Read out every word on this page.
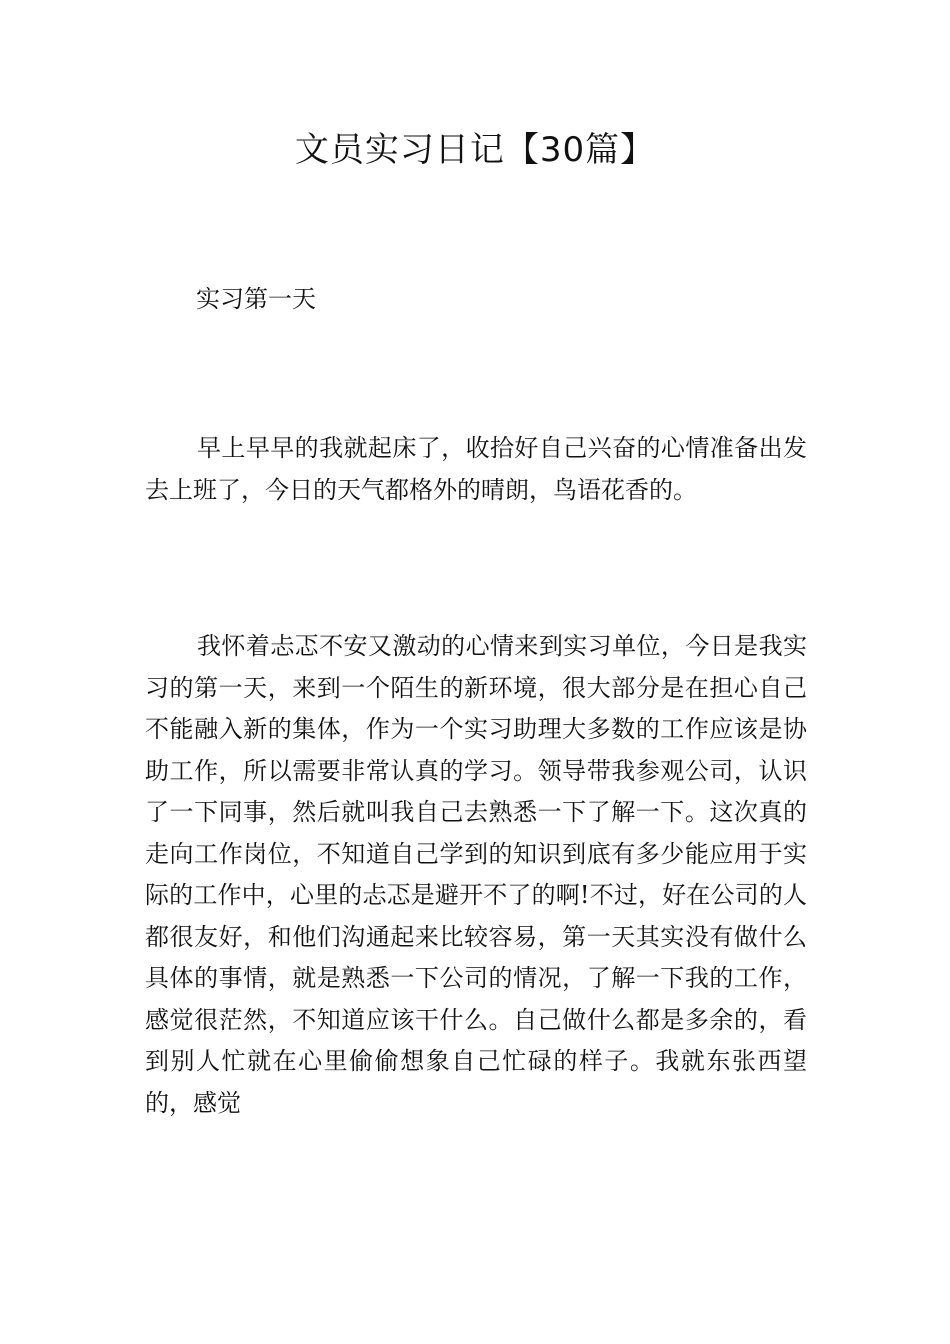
文员实习日记【30篇】

实习第一天

早上早早的我就起床了，收拾好自己兴奋的心情准备出发去上班了，今日的天气都格外的晴朗，鸟语花香的。

我怀着忐忑不安又激动的心情来到实习单位，今日是我实习的第一天，来到一个陌生的新环境，很大部分是在担心自己不能融入新的集体，作为一个实习助理大多数的工作应该是协助工作，所以需要非常认真的学习。领导带我参观公司，认识了一下同事，然后就叫我自己去熟悉一下了解一下。这次真的走向工作岗位，不知道自己学到的知识到底有多少能应用于实际的工作中，心里的忐忑是避开不了的啊!不过，好在公司的人都很友好，和他们沟通起来比较容易，第一天其实没有做什么具体的事情，就是熟悉一下公司的情况，了解一下我的工作，感觉很茫然，不知道应该干什么。自己做什么都是多余的，看到别人忙就在心里偷偷想象自己忙碌的样子。我就东张西望的，感觉
